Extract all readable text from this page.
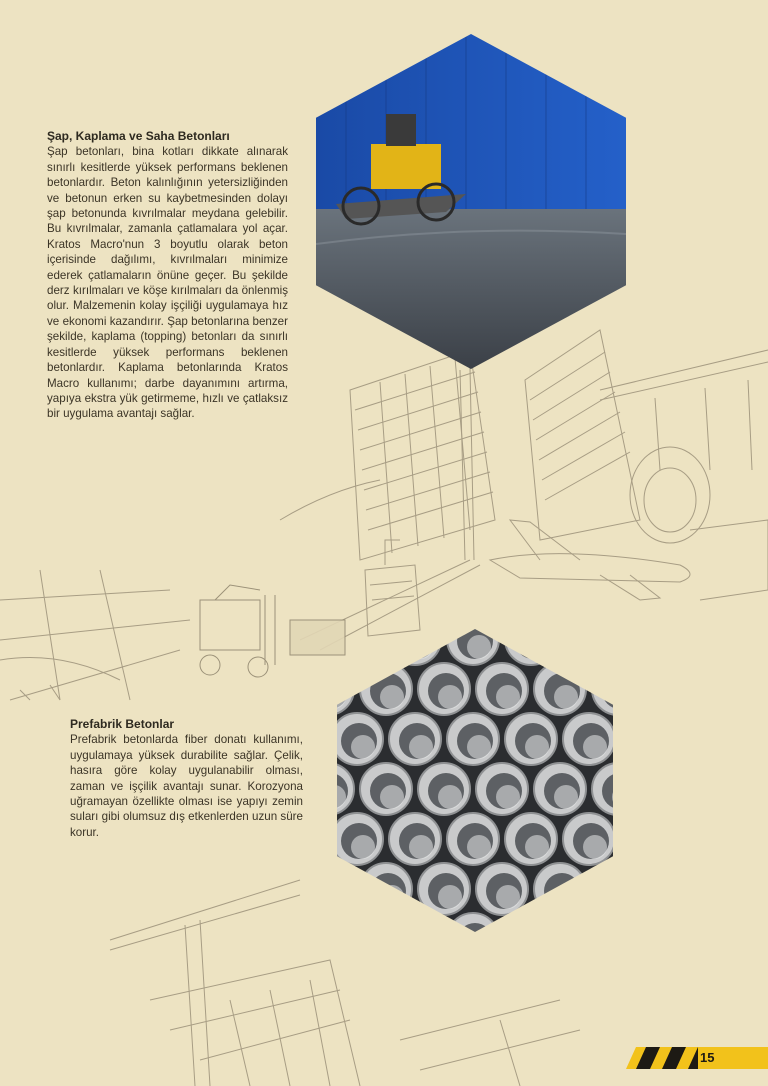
Şap, Kaplama ve Saha Betonları

Şap betonları, bina kotları dikkate alınarak sınırlı kesitlerde yüksek performans beklenen betonlardır. Beton kalınlığının yetersizliğinden ve betonun erken su kaybetmesinden dolayı şap betonunda kıvrılmalar meydana gelebilir. Bu kıvrılmalar, zamanla çatlamalara yol açar. Kratos Macro'nun 3 boyutlu olarak beton içerisinde dağılımı, kıvrılmaları minimize ederek çatlamaların önüne geçer. Bu şekilde derz kırılmaları ve köşe kırılmaları da önlenmiş olur. Malzemenin kolay işçiliği uygulamaya hız ve ekonomi kazandırır. Şap betonlarına benzer şekilde, kaplama (topping) betonları da sınırlı kesitlerde yüksek performans beklenen betonlardır. Kaplama betonlarında Kratos Macro kullanımı; darbe dayanımını artırma, yapıya ekstra yük getirmeme, hızlı ve çatlaksız bir uygulama avantajı sağlar.

Prefabrik Betonlar

Prefabrik betonlarda fiber donatı kullanımı, uygulamaya yüksek durabilite sağlar. Çelik, hasıra göre kolay uygulanabilir olması, zaman ve işçilik avantajı sunar. Korozyona uğramayan özellikte olması ise yapıyı zemin suları gibi olumsuz dış etkenlerden uzun süre korur.

15
